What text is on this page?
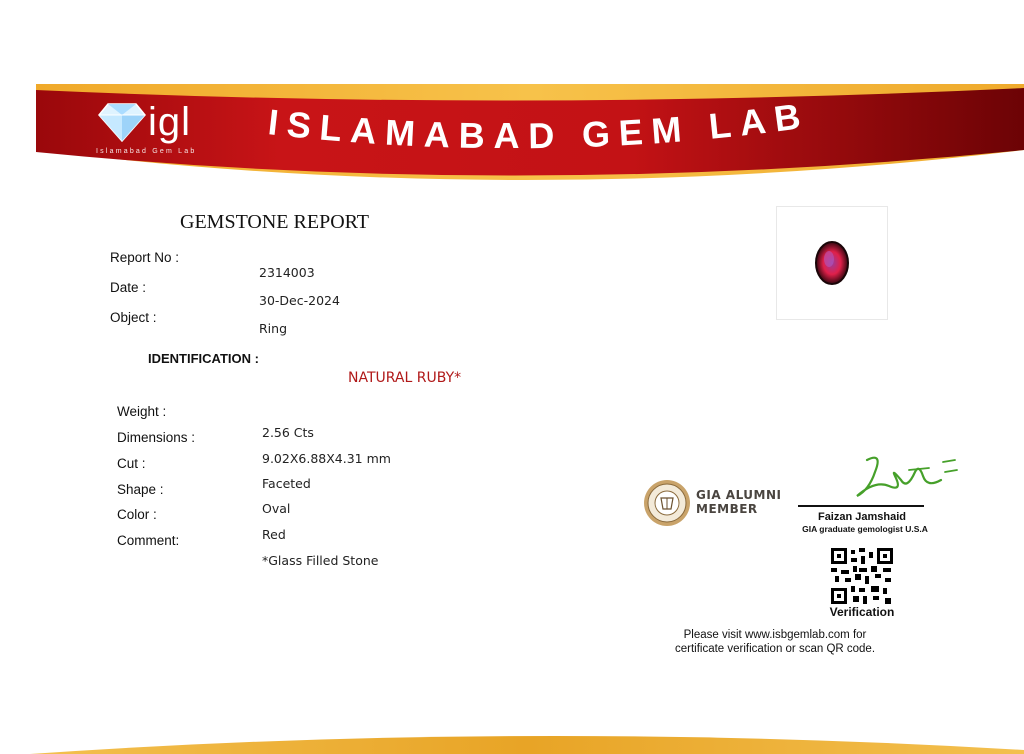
igl
Islamabad Gem Lab
ISLAMABAD GEM LAB
GEMSTONE REPORT
Report No :
2314003
Date :
30-Dec-2024
Object :
Ring
IDENTIFICATION :
NATURAL RUBY*
Weight :
2.56 Cts
Dimensions :
9.02X6.88X4.31 mm
Cut :
Faceted
Shape :
Oval
Color :
Red
Comment:
*Glass Filled Stone
GIA ALUMNI
MEMBER
Faizan Jamshaid
GIA graduate gemologist U.S.A
Verification
Please visit www.isbgemlab.com for
certificate verification or scan QR code.
